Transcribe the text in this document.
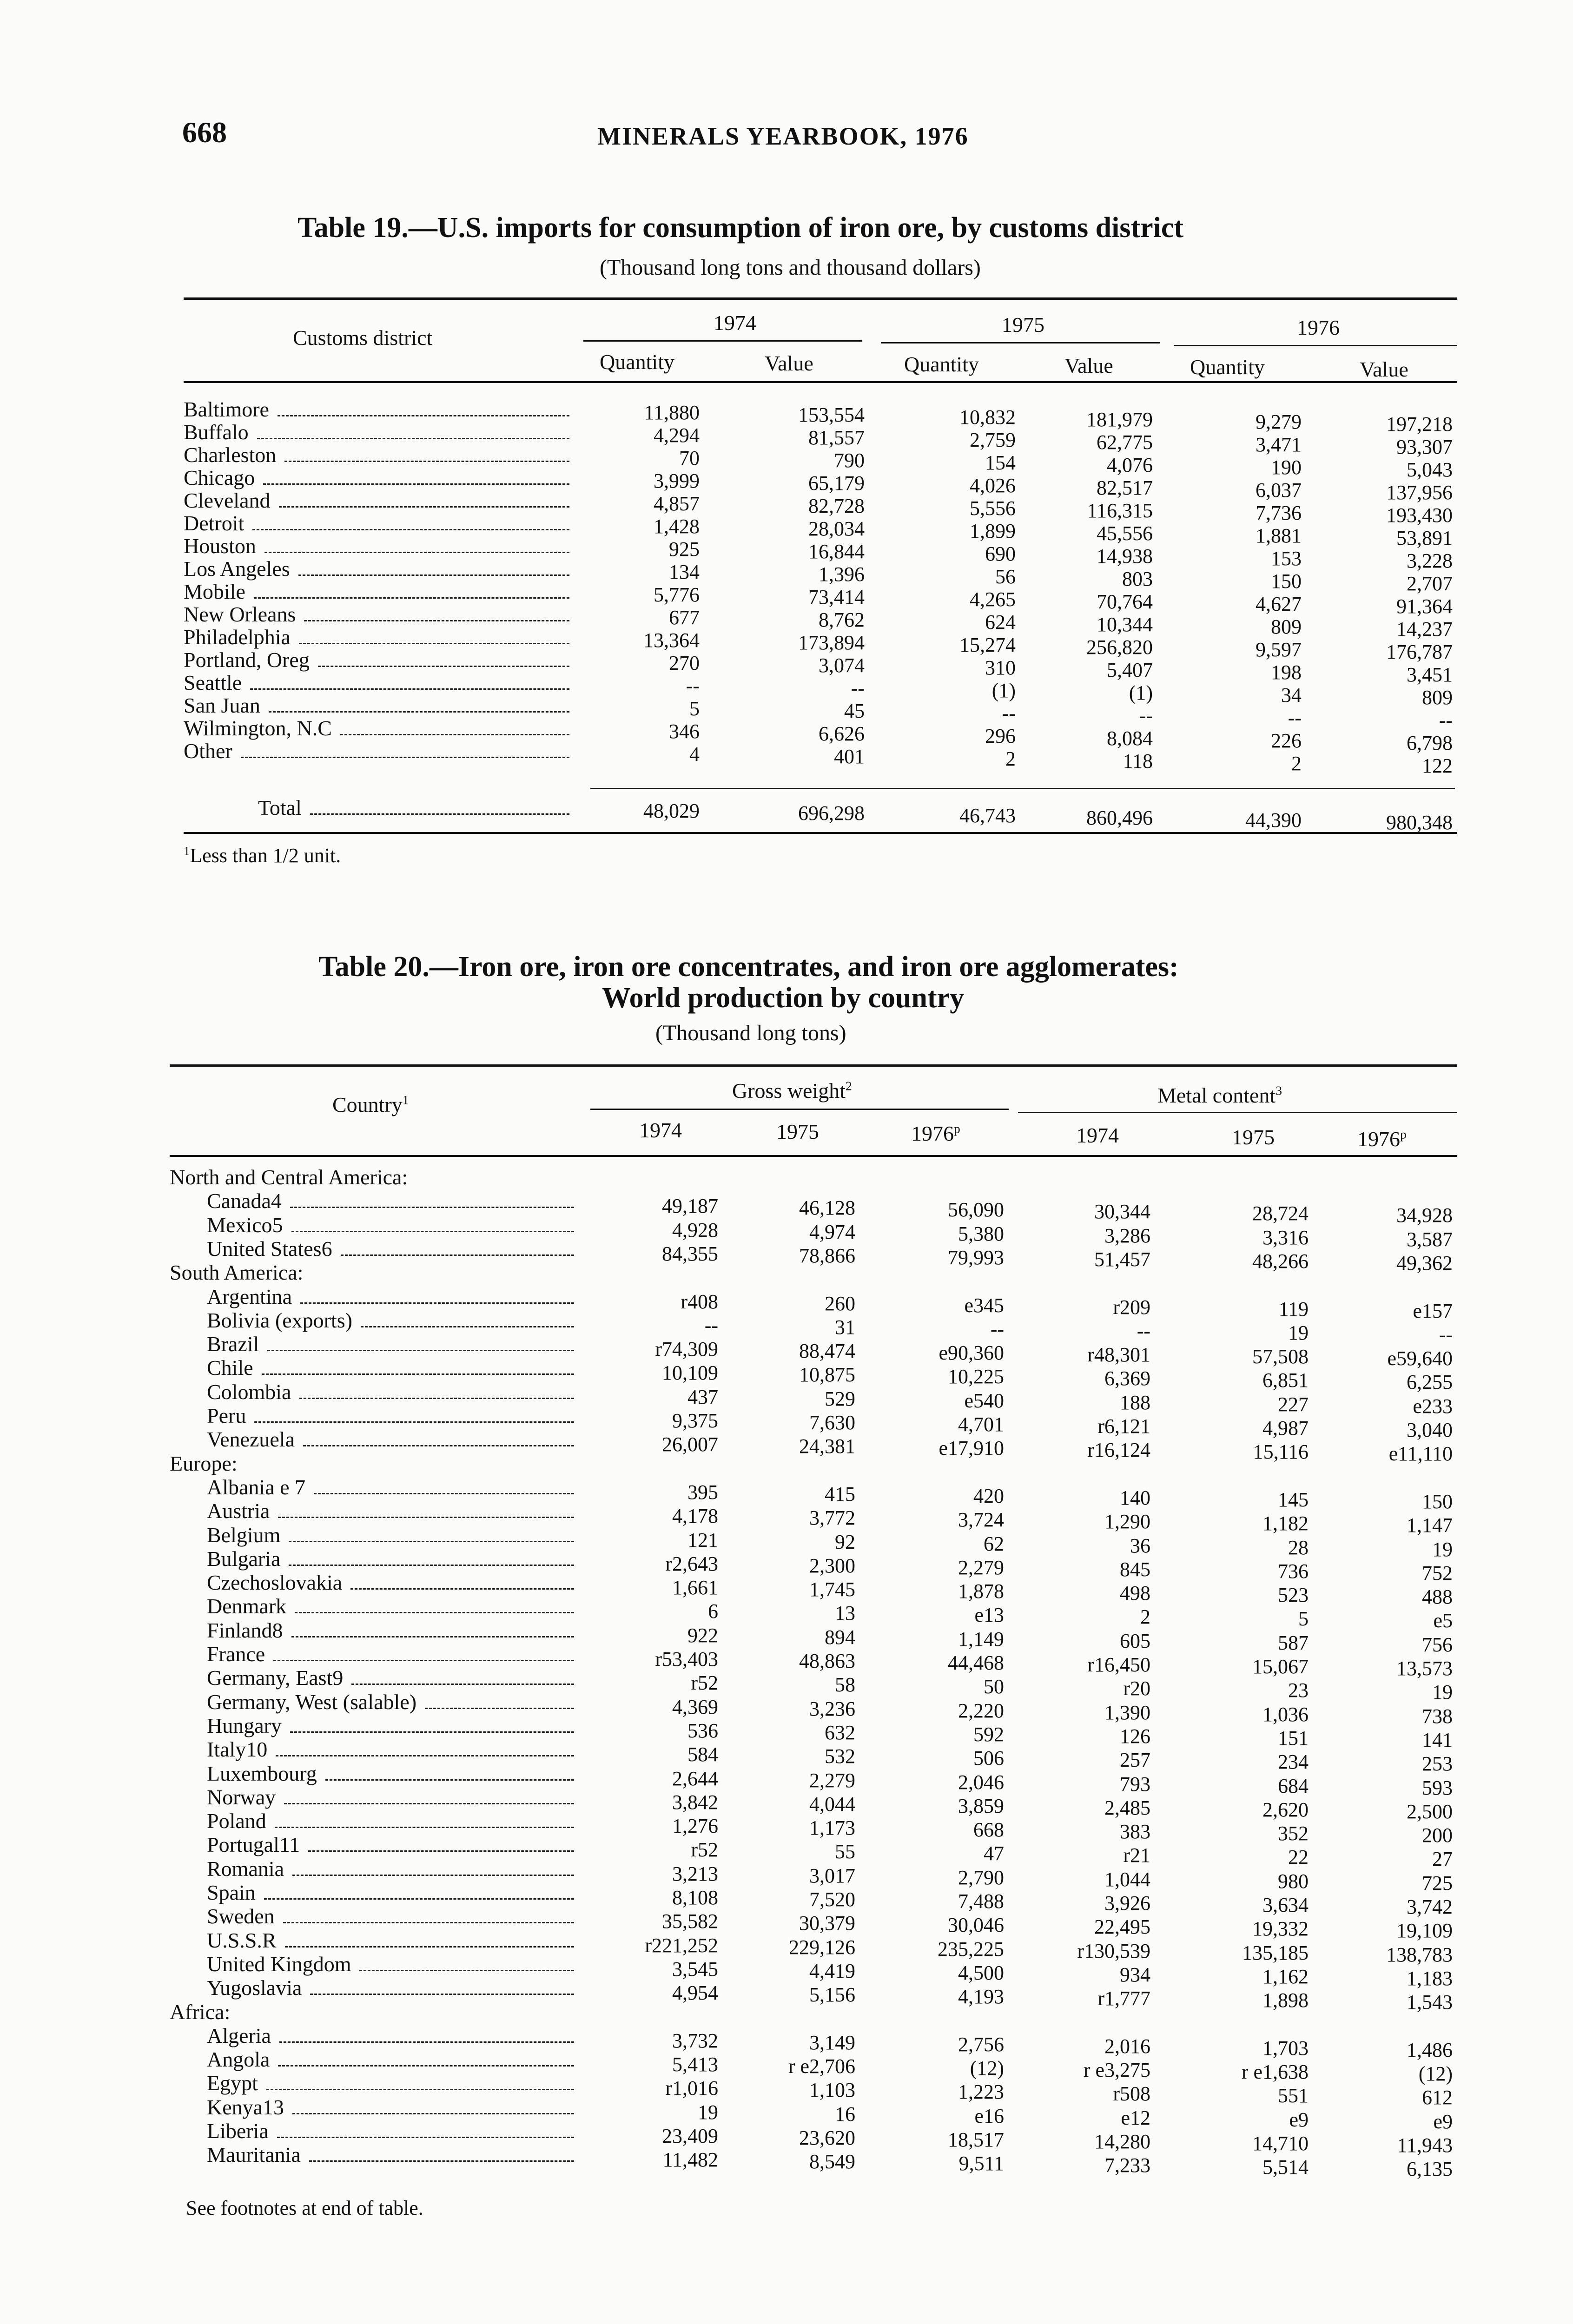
668	MINERALS YEARBOOK, 1976
Table 19.—U.S. imports for consumption of iron ore, by customs district
(Thousand long tons and thousand dollars)
Customs district
1974	1975	1976
Quantity	Value	Quantity	Value	Quantity	Value
$^1$Less than 1/2 unit.
Table 20.—Iron ore, iron ore concentrates, and iron ore agglomerates:
World production by country
(Thousand long tons)
Country$^1$	Gross weight$^2$	Metal content$^3$
1974	1975	1976$^p$	1974	1975	1976$^p$
See footnotes at end of table.
Baltimore	11,880	153,554	10,832	181,979	9,279	197,218
Buffalo	4,294	81,557	2,759	62,775	3,471	93,307
Charleston	70	790	154	4,076	190	5,043
Chicago	3,999	65,179	4,026	82,517	6,037	137,956
Cleveland	4,857	82,728	5,556	116,315	7,736	193,430
Detroit	1,428	28,034	1,899	45,556	1,881	53,891
Houston	925	16,844	690	14,938	153	3,228
Los Angeles	134	1,396	56	803	150	2,707
Mobile	5,776	73,414	4,265	70,764	4,627	91,364
New Orleans	677	8,762	624	10,344	809	14,237
Philadelphia	13,364	173,894	15,274	256,820	9,597	176,787
Portland, Oreg	270	3,074	310	5,407	198	3,451
Seattle	--	--	(1)	(1)	34	809
San Juan	5	45	--	--	--	--
Wilmington, N.C	346	6,626	296	8,084	226	6,798
Other	4	401	2	118	2	122
Total	48,029	696,298	46,743	860,496	44,390	980,348
North and Central America:
Canada4	49,187	46,128	56,090	30,344	28,724	34,928
Mexico5	4,928	4,974	5,380	3,286	3,316	3,587
United States6	84,355	78,866	79,993	51,457	48,266	49,362
South America:
Argentina	r408	260	e345	r209	119	e157
Bolivia (exports)	--	31	--	--	19	--
Brazil	r74,309	88,474	e90,360	r48,301	57,508	e59,640
Chile	10,109	10,875	10,225	6,369	6,851	6,255
Colombia	437	529	e540	188	227	e233
Peru	9,375	7,630	4,701	r6,121	4,987	3,040
Venezuela	26,007	24,381	e17,910	r16,124	15,116	e11,110
Europe:
Albania e 7	395	415	420	140	145	150
Austria	4,178	3,772	3,724	1,290	1,182	1,147
Belgium	121	92	62	36	28	19
Bulgaria	r2,643	2,300	2,279	845	736	752
Czechoslovakia	1,661	1,745	1,878	498	523	488
Denmark	6	13	e13	2	5	e5
Finland8	922	894	1,149	605	587	756
France	r53,403	48,863	44,468	r16,450	15,067	13,573
Germany, East9	r52	58	50	r20	23	19
Germany, West (salable)	4,369	3,236	2,220	1,390	1,036	738
Hungary	536	632	592	126	151	141
Italy10	584	532	506	257	234	253
Luxembourg	2,644	2,279	2,046	793	684	593
Norway	3,842	4,044	3,859	2,485	2,620	2,500
Poland	1,276	1,173	668	383	352	200
Portugal11	r52	55	47	r21	22	27
Romania	3,213	3,017	2,790	1,044	980	725
Spain	8,108	7,520	7,488	3,926	3,634	3,742
Sweden	35,582	30,379	30,046	22,495	19,332	19,109
U.S.S.R	r221,252	229,126	235,225	r130,539	135,185	138,783
United Kingdom	3,545	4,419	4,500	934	1,162	1,183
Yugoslavia	4,954	5,156	4,193	r1,777	1,898	1,543
Africa:
Algeria	3,732	3,149	2,756	2,016	1,703	1,486
Angola	5,413	r e2,706	(12)	r e3,275	r e1,638	(12)
Egypt	r1,016	1,103	1,223	r508	551	612
Kenya13	19	16	e16	e12	e9	e9
Liberia	23,409	23,620	18,517	14,280	14,710	11,943
Mauritania	11,482	8,549	9,511	7,233	5,514	6,135
